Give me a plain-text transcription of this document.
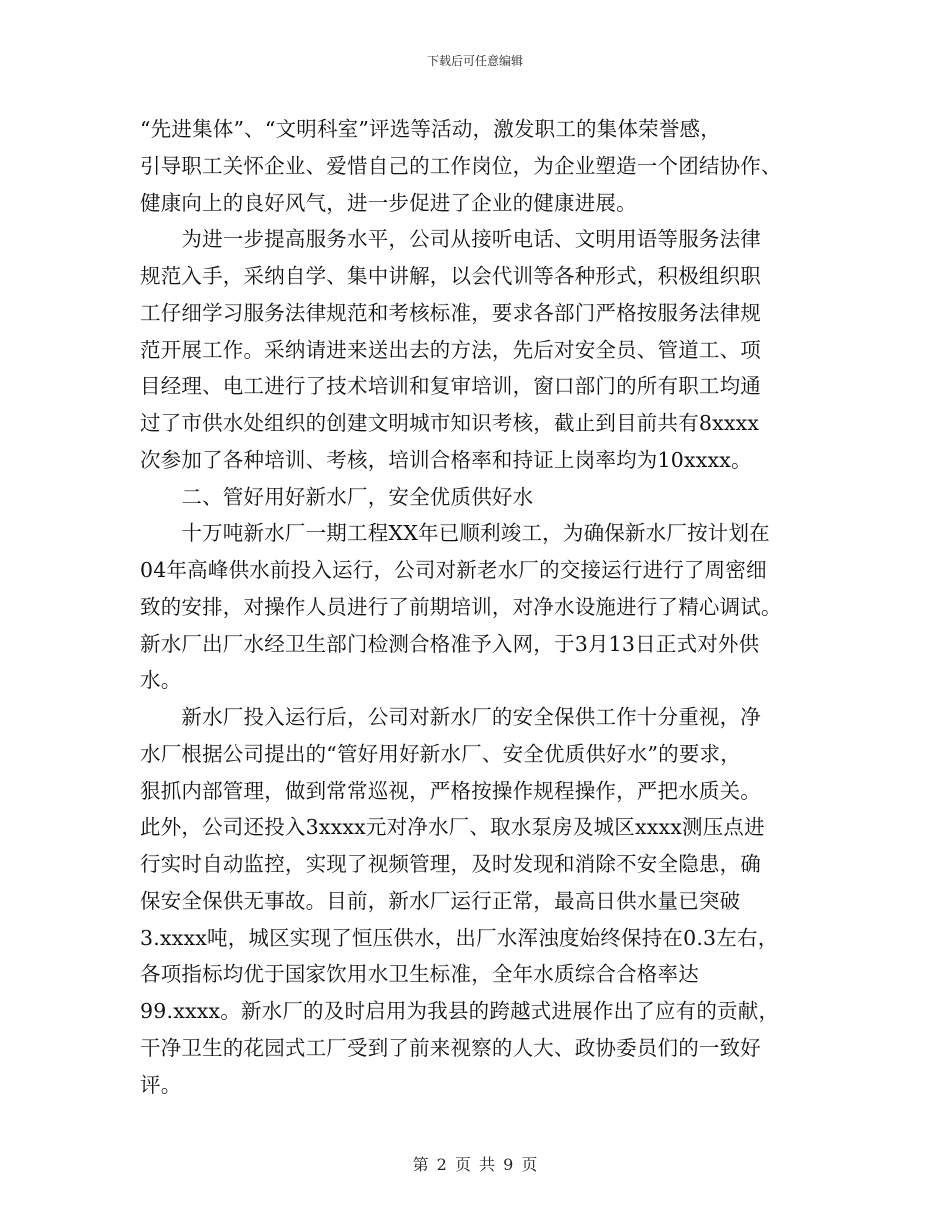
下载后可任意编辑
“先进集体”、“文明科室”评选等活动，激发职工的集体荣誉感，
引导职工关怀企业、爱惜自己的工作岗位，为企业塑造一个团结协作、
健康向上的良好风气，进一步促进了企业的健康进展。
　　为进一步提高服务水平，公司从接听电话、文明用语等服务法律
规范入手，采纳自学、集中讲解，以会代训等各种形式，积极组织职
工仔细学习服务法律规范和考核标准，要求各部门严格按服务法律规
范开展工作。采纳请进来送出去的方法，先后对安全员、管道工、项
目经理、电工进行了技术培训和复审培训，窗口部门的所有职工均通
过了市供水处组织的创建文明城市知识考核，截止到目前共有8xxxx
次参加了各种培训、考核，培训合格率和持证上岗率均为10xxxx。
　　二、管好用好新水厂，安全优质供好水
　　十万吨新水厂一期工程XX年已顺利竣工，为确保新水厂按计划在
04年高峰供水前投入运行，公司对新老水厂的交接运行进行了周密细
致的安排，对操作人员进行了前期培训，对净水设施进行了精心调试。
新水厂出厂水经卫生部门检测合格准予入网，于3月13日正式对外供
水。
　　新水厂投入运行后，公司对新水厂的安全保供工作十分重视，净
水厂根据公司提出的“管好用好新水厂、安全优质供好水”的要求，
狠抓内部管理，做到常常巡视，严格按操作规程操作，严把水质关。
此外，公司还投入3xxxx元对净水厂、取水泵房及城区xxxx测压点进
行实时自动监控，实现了视频管理，及时发现和消除不安全隐患，确
保安全保供无事故。目前，新水厂运行正常，最高日供水量已突破
3.xxxx吨，城区实现了恒压供水，出厂水浑浊度始终保持在0.3左右，
各项指标均优于国家饮用水卫生标准，全年水质综合合格率达
99.xxxx。新水厂的及时启用为我县的跨越式进展作出了应有的贡献，
干净卫生的花园式工厂受到了前来视察的人大、政协委员们的一致好
评。
第 2 页 共 9 页
